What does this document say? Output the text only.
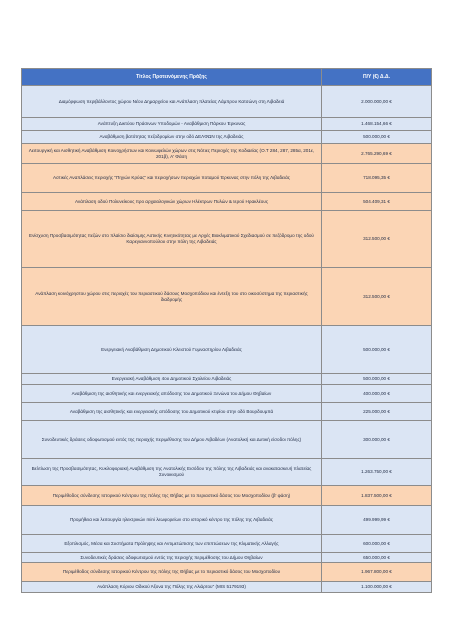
Τίτλος Προτεινόμενης Πράξης	Π/Υ (€) Δ.Δ.
Διαμόρφωση περιβάλλοντος χώρου Νέου Δημαρχείου και Ανάπλαση πλατείας Λάμπρου Κατσώνη στη Λιβαδειά	2.000.000,00 €
Ανάπτυξη Δικτύου Πράσινων Υποδομών - Αναβάθμιση Πάρκου Έρκυνας	1.468.154,66 €
Αναβάθμιση βατότητας πεζοδρομίων στην οδό ΔΕΛΦΩΝ της Λιβαδειάς	500.000,00 €
Λειτουργική και Αισθητική Αναβάθμιση Κοινοχρήστων και Κοινωφελών χώρων στις Νότιες Περιοχές της Κοδιαείας (Ο.Τ 284, 287, 285α, 201ε, 201β), Α' Φάση	2.765.290,69 €
Αστικές Αναπλάσεις περιοχής "Πηγών Κρύας" και περιοχήσων περιοχών ποταμού Έρκυνας στην πόλη της Λιβαδειάς	718.095,35 €
Ανάπλαση οδού Πολυνείκους προ αρχαιολογικών χώρων Ηλέκτρων Πυλών & Ιερού Ηρακλέους	504.409,31 €
Ενίσχυση Προσβασιμότητας πεζών στο πλαίσιο διαίσιμης Αστικής Κινητικότητας με Αρχές Βιοκλιματικού Σχεδιασμού σε πεζόδρομο της οδού Καρεγιαννοπούλου στην πόλη της Λιβαδειάς	312.500,00 €
Ανάπλαση κοινόχρηστου χώρου στις περιοχές του περιαστικού δάσους Μοσχοπόδιου και έντεξη του στο οικοσύστημα της περιαστικής διαδρομής	312.500,00 €
Ενεργειακή Αναβάθμιση Δημοτικού Κλειστού Γυμναστηρίου Λιβαδειάς	500.000,00 €
Ενεργειακή Αναβάθμιση 4ου Δημοτικού Σχολείου Λιβαδειάς	500.000,00 €
Αναβάθμιση της αισθητικής και ενεργειακής απόδοσης του Δημοτικού Ξενώνα του Δήμου Θηβαίων	400.000,00 €
Αναβάθμιση της αισθητικής και ενεργειακής απόδοσης του Δημοτικού κτιρίου στην οδό Βουρδουμπά	225.000,00 €
Συνοδευτικές δράσεις οδοφωτισμού εντός της περιοχής περιμέθοσης του Δήμου Λιβαδέων (Ανατολική και Δυτική είσοδοι πόλης)	300.000,00 €
Βελτίωση της Προσβασιμότητας, Κυκλοφοριακή Αναβάθμιση της Ανατολικής Εισόδου της πόλης της Λιβαδειάς και ανακατασκευή πλατείας Συνοικισμού	1.263.750,00 €
Περιμέθοδος σύνδεσης Ιστορικού Κέντρου της πόλης της Θήβας με το περιαστικό δάσος του Μοσχοποδίου (β' φάση)	1.837.500,00 €
Προμήθεια και λειτουργία ηλεκτρικών mini λεωφορείων στο ιστορικό κέντρο της πόλης της Λιβαδειάς	499.999,99 €
Εξοπλισμός, Μέσα και Συστήματα Πρόληψης και Αντιμετώπισης των επιπτώσεων της Κλιματικής Αλλαγής	600.000,00 €
Συνοδευτικές δράσεις οδοφωτισμού εντός της περιοχής περιμέθοσης του Δήμου Θηβαίων	650.000,00 €
Περιμέθοδος σύνδεσης Ιστορικού Κέντρου της πόλης της Θήβας με το περιαστικό δάσος του Μοσχοποδίου	1.967.800,00 €
Ανάπλαση Κύριου Οδικού Άξονα της Πόλης της Αλιάρτου" (MIS 5179193)	1.100.000,00 €
